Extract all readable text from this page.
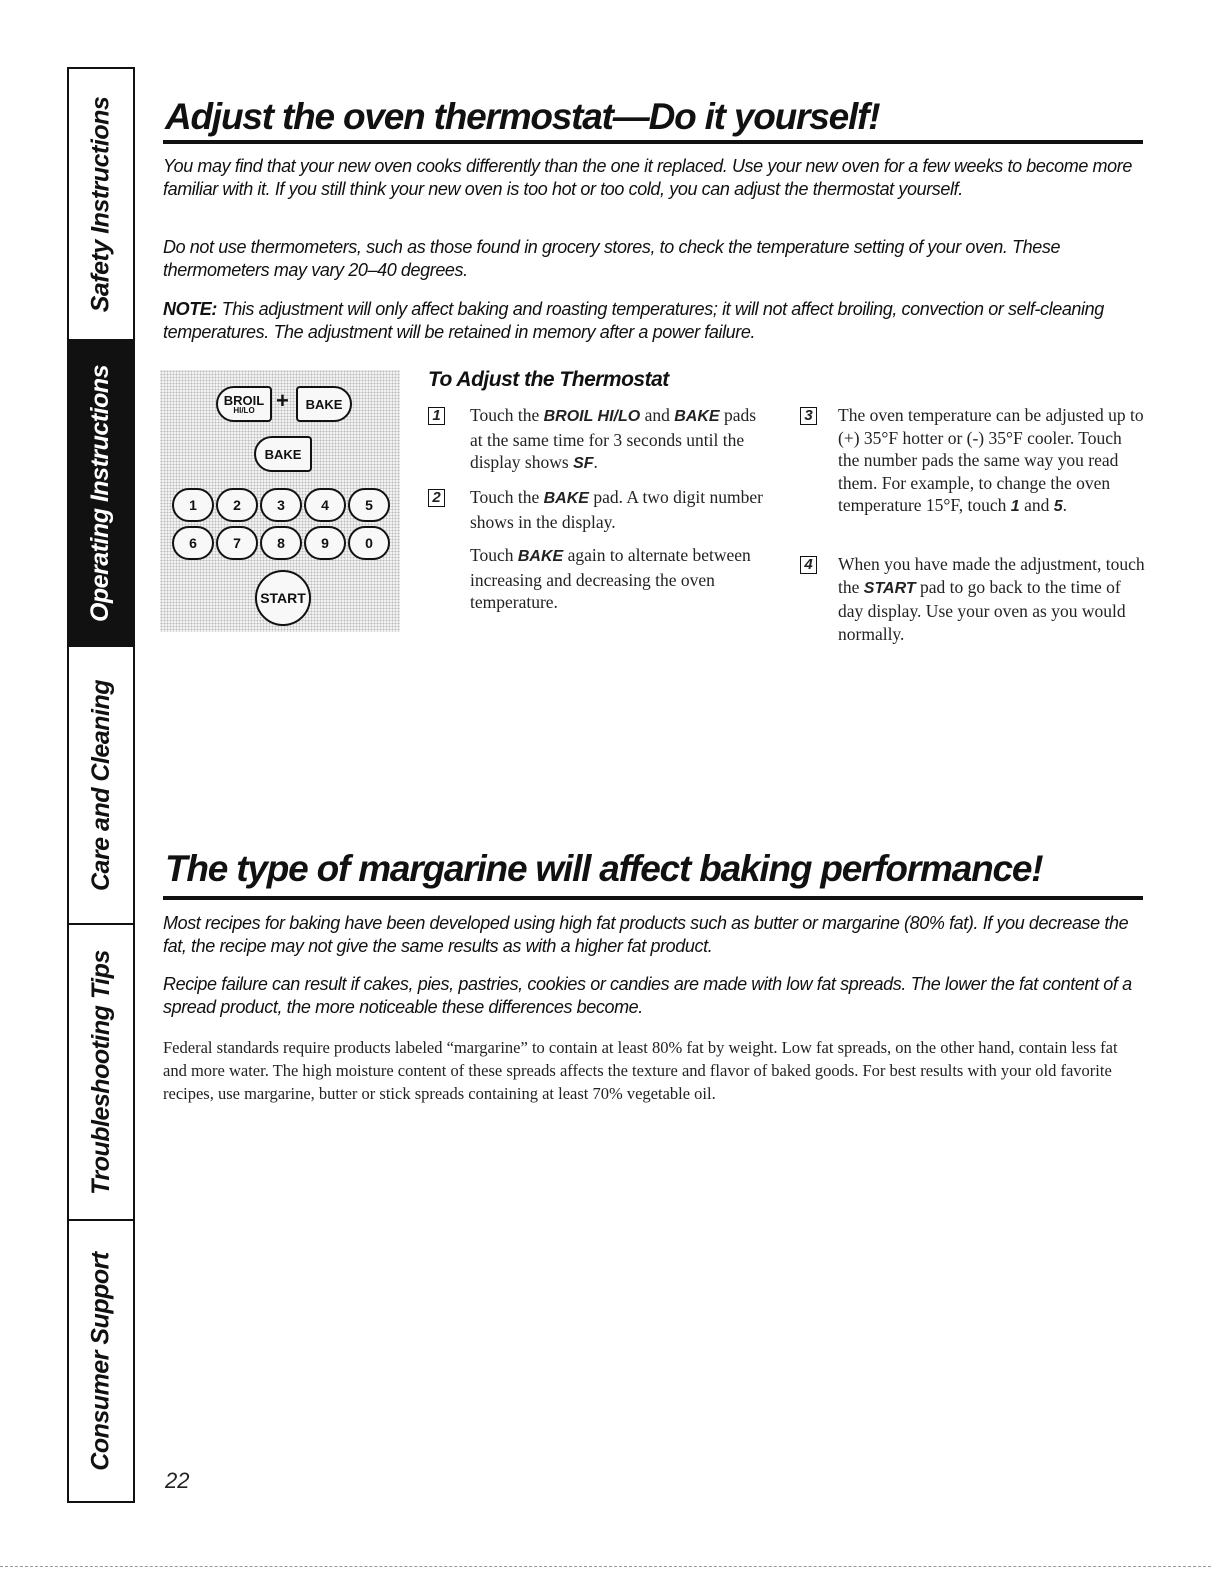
Safety Instructions
Operating Instructions
Care and Cleaning
Troubleshooting Tips
Consumer Support
Adjust the oven thermostat—Do it yourself!

You may find that your new oven cooks differently than the one it replaced. Use your new oven for a few weeks to become more familiar with it. If you still think your new oven is too hot or too cold, you can adjust the thermostat yourself.

Do not use thermometers, such as those found in grocery stores, to check the temperature setting of your oven. These thermometers may vary 20–40 degrees.

NOTE: This adjustment will only affect baking and roasting temperatures; it will not affect broiling, convection or self-cleaning temperatures. The adjustment will be retained in memory after a power failure.

BROIL
HI/LO +	BAKE
BAKE
1	2	3	4	5
6	7	8	9	0
START
To Adjust the Thermostat
1 Touch the BROIL HI/LO and BAKE pads at the same time for 3 seconds until the display shows SF.
2 Touch the BAKE pad. A two digit number shows in the display.
Touch BAKE again to alternate between increasing and decreasing the oven temperature.
3 The oven temperature can be adjusted up to (+) 35°F hotter or (-) 35°F cooler. Touch the number pads the same way you read them. For example, to change the oven temperature 15°F, touch 1 and 5.
4 When you have made the adjustment, touch the START pad to go back to the time of day display. Use your oven as you would normally.
The type of margarine will affect baking performance!

Most recipes for baking have been developed using high fat products such as butter or margarine (80% fat). If you decrease the fat, the recipe may not give the same results as with a higher fat product.

Recipe failure can result if cakes, pies, pastries, cookies or candies are made with low fat spreads. The lower the fat content of a spread product, the more noticeable these differences become.

Federal standards require products labeled “margarine” to contain at least 80% fat by weight. Low fat spreads, on the other hand, contain less fat and more water. The high moisture content of these spreads affects the texture and flavor of baked goods. For best results with your old favorite recipes, use margarine, butter or stick spreads containing at least 70% vegetable oil.

22
